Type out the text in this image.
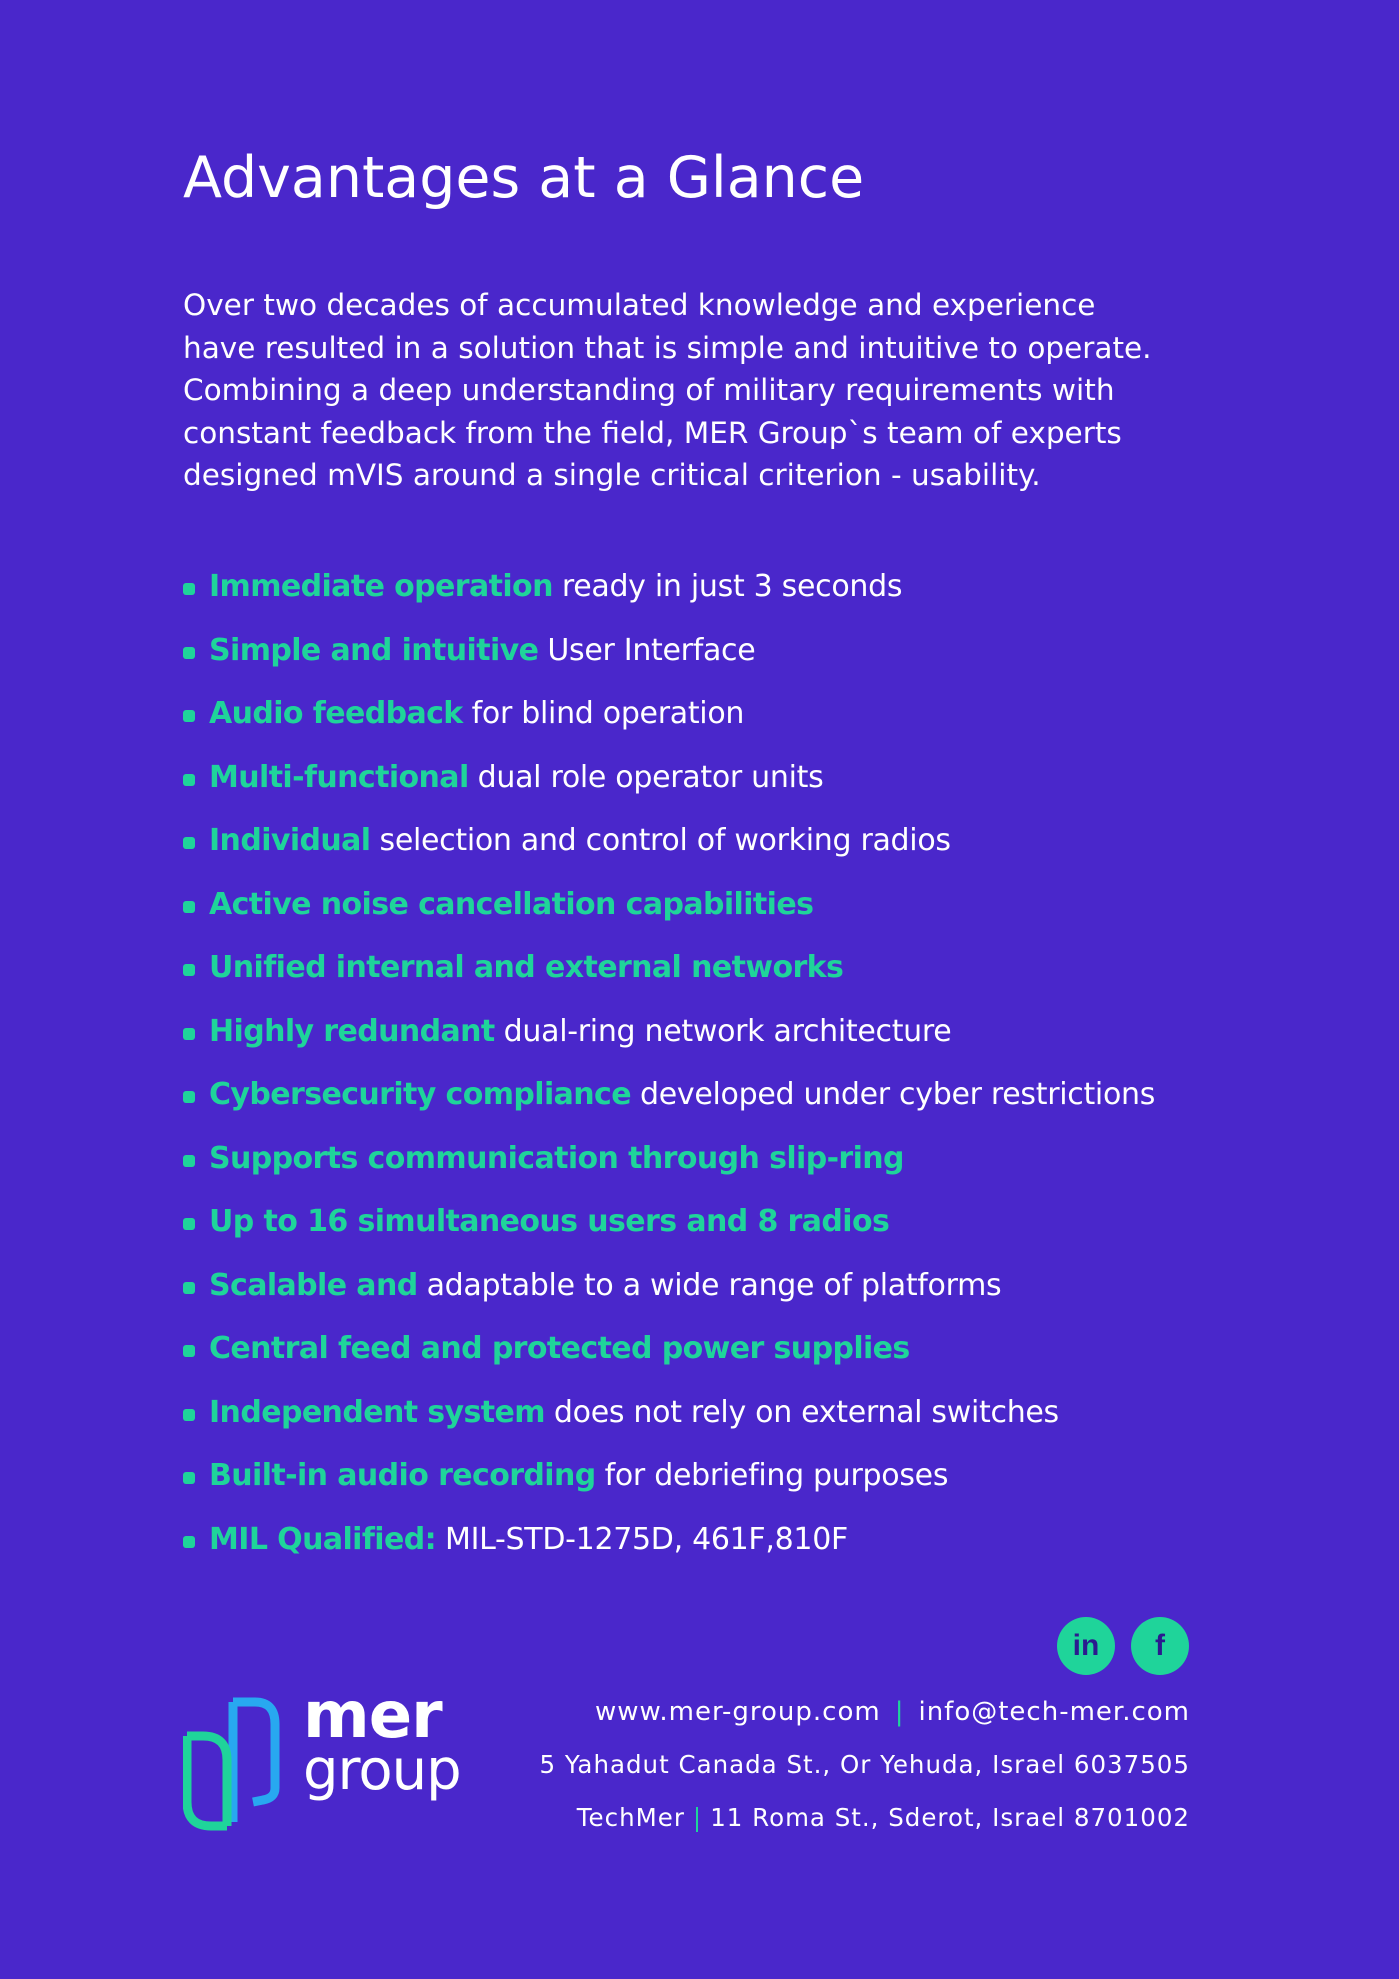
Advantages at a Glance

Over two decades of accumulated knowledge and experience
have resulted in a solution that is simple and intuitive to operate.
Combining a deep understanding of military requirements with
constant feedback from the field, MER Group`s team of experts
designed mVIS around a single critical criterion - usability.

Immediate operation ready in just 3 seconds
Simple and intuitive User Interface
Audio feedback for blind operation
Multi-functional dual role operator units
Individual selection and control of working radios
Active noise cancellation capabilities
Unified internal and external networks
Highly redundant dual-ring network architecture
Cybersecurity compliance developed under cyber restrictions
Supports communication through slip-ring
Up to 16 simultaneous users and 8 radios
Scalable and adaptable to a wide range of platforms
Central feed and protected power supplies
Independent system does not rely on external switches
Built-in audio recording for debriefing purposes
MIL Qualified: MIL-STD-1275D, 461F,810F
in	f
mer
group
www.mer-group.com | info@tech-mer.com
5 Yahadut Canada St., Or Yehuda, Israel 6037505
TechMer | 11 Roma St., Sderot, Israel 8701002
